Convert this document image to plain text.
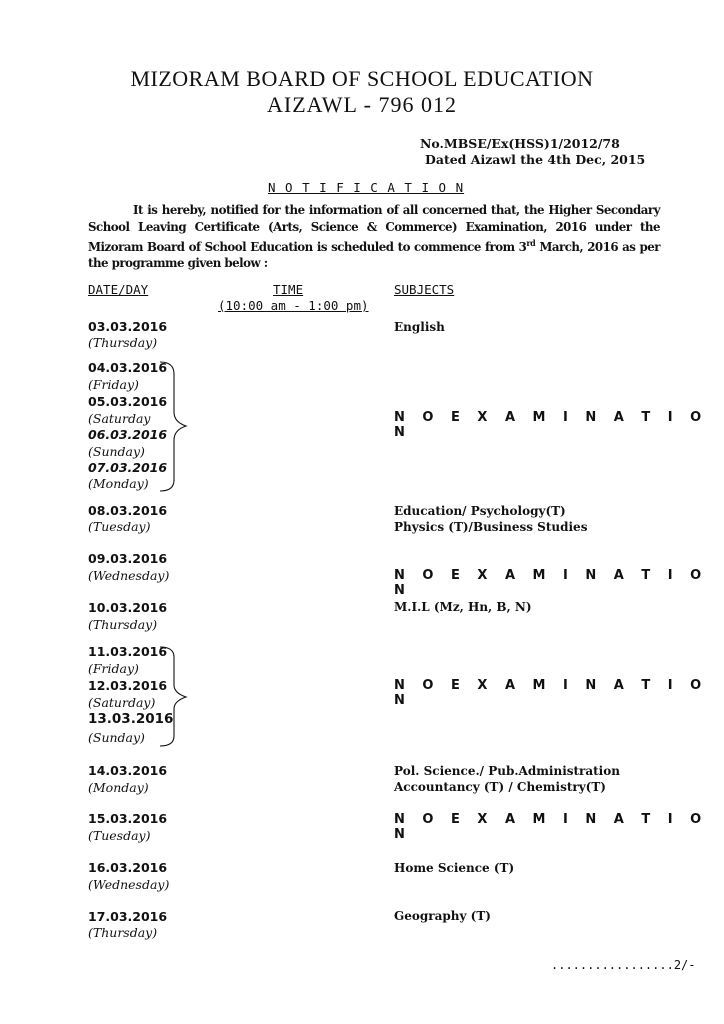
MIZORAM BOARD OF SCHOOL EDUCATION
AIZAWL - 796 012
No.MBSE/Ex(HSS)1/2012/78
Dated Aizawl the 4th Dec, 2015
N O T I F I C A T I O N
It is hereby, notified for the information of all concerned that, the Higher Secondary School Leaving Certificate (Arts, Science & Commerce) Examination, 2016 under the Mizoram Board of School Education is scheduled to commence from 3rd March, 2016 as per the programme given below :
DATE/DAY	TIME
(10:00 am - 1:00 pm)
SUBJECTS
03.03.2016
(Thursday)
English
04.03.2016
(Friday)
05.03.2016
(Saturday
06.03.2016
(Sunday)
07.03.2016
(Monday)
N O E X A M I N A T I O N
08.03.2016
(Tuesday)
Education/ Psychology(T)
Physics (T)/Business Studies
09.03.2016
(Wednesday)	N O E X A M I N A T I O N
10.03.2016
(Thursday)
M.I.L (Mz, Hn, B, N)
11.03.2016
(Friday)
12.03.2016
(Saturday)
13.03.2016
(Sunday)
N O E X A M I N A T I O N
14.03.2016
(Monday)
Pol. Science./ Pub.Administration
Accountancy (T) / Chemistry(T)
15.03.2016
(Tuesday)
N O E X A M I N A T I O N
16.03.2016
(Wednesday)
Home Science (T)
17.03.2016
(Thursday)
Geography (T)
.................2/-
